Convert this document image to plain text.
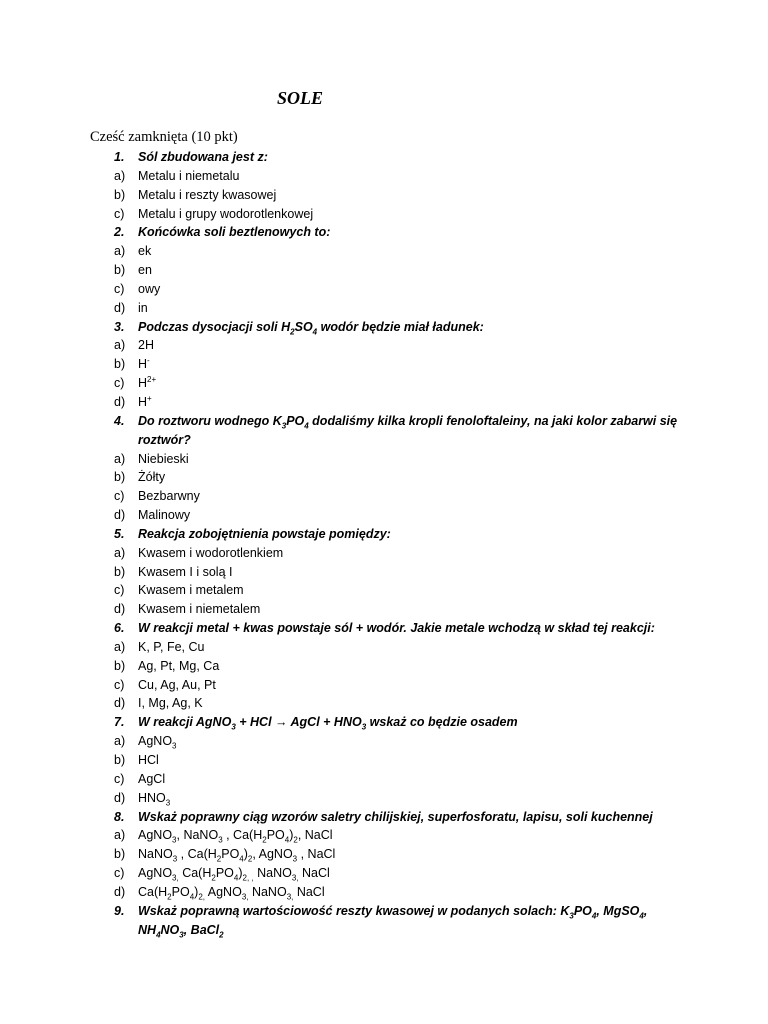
SOLE
Cześć zamknięta (10 pkt)
1.	Sól zbudowana jest z:
a)	Metalu i niemetalu
b)	Metalu i reszty kwasowej
c)	Metalu i grupy wodorotlenkowej
2.	Końcówka soli beztlenowych to:
a)	ek
b)	en
c)	owy
d)	in
3.	Podczas dysocjacji soli $H_2SO_4$ wodór będzie miał ładunek:
a)	2H
b)	H-
c)	$H^{2+}$
d)	H+
4.	Do roztworu wodnego $K_3PO_4$ dodaliśmy kilka kropli fenoloftaleiny, na jaki kolor zabarwi się roztwór?
a)	Niebieski
b)	Żółty
c)	Bezbarwny
d)	Malinowy
5.	Reakcja zobojętnienia powstaje pomiędzy:
a)	Kwasem i wodorotlenkiem
b)	Kwasem I i solą I
c)	Kwasem i metalem
d)	Kwasem i niemetalem
6.	W reakcji metal + kwas powstaje sól + wodór. Jakie metale wchodzą w skład tej reakcji:
a)	K, P, Fe, Cu
b)	Ag, Pt, Mg, Ca
c)	Cu, Ag, Au, Pt
d)	I, Mg, Ag, K
7.	W reakcji AgNO$_3$ + HCl → AgCl + $HNO_3$ wskaż co będzie osadem
a)	AgNO$_3$
b)	HCl
c)	AgCl
d)	$HNO_3$
8.	Wskaż poprawny ciąg wzorów saletry chilijskiej, superfosforatu, lapisu, soli kuchennej
a)	AgNO$_3$, NaNO$_3$ , $Ca(H_2PO_4)_2$, NaCl
b)	NaNO$_3$ , $Ca(H_2PO_4)_2$, AgNO$_3$ , NaCl
c)	AgNO$_{3,}$ $Ca(H_2PO_4)_{2, ,}$ NaNO$_{3,}$ NaCl
d)	$Ca(H_2PO_4)_{2,}$ AgNO$_{3,}$ NaNO$_{3,}$ NaCl
9.	Wskaż poprawną wartościowość reszty kwasowej w podanych solach: $K_3PO_4$, MgSO$_4$, $NH_4NO_3$, BaCl$_2$
